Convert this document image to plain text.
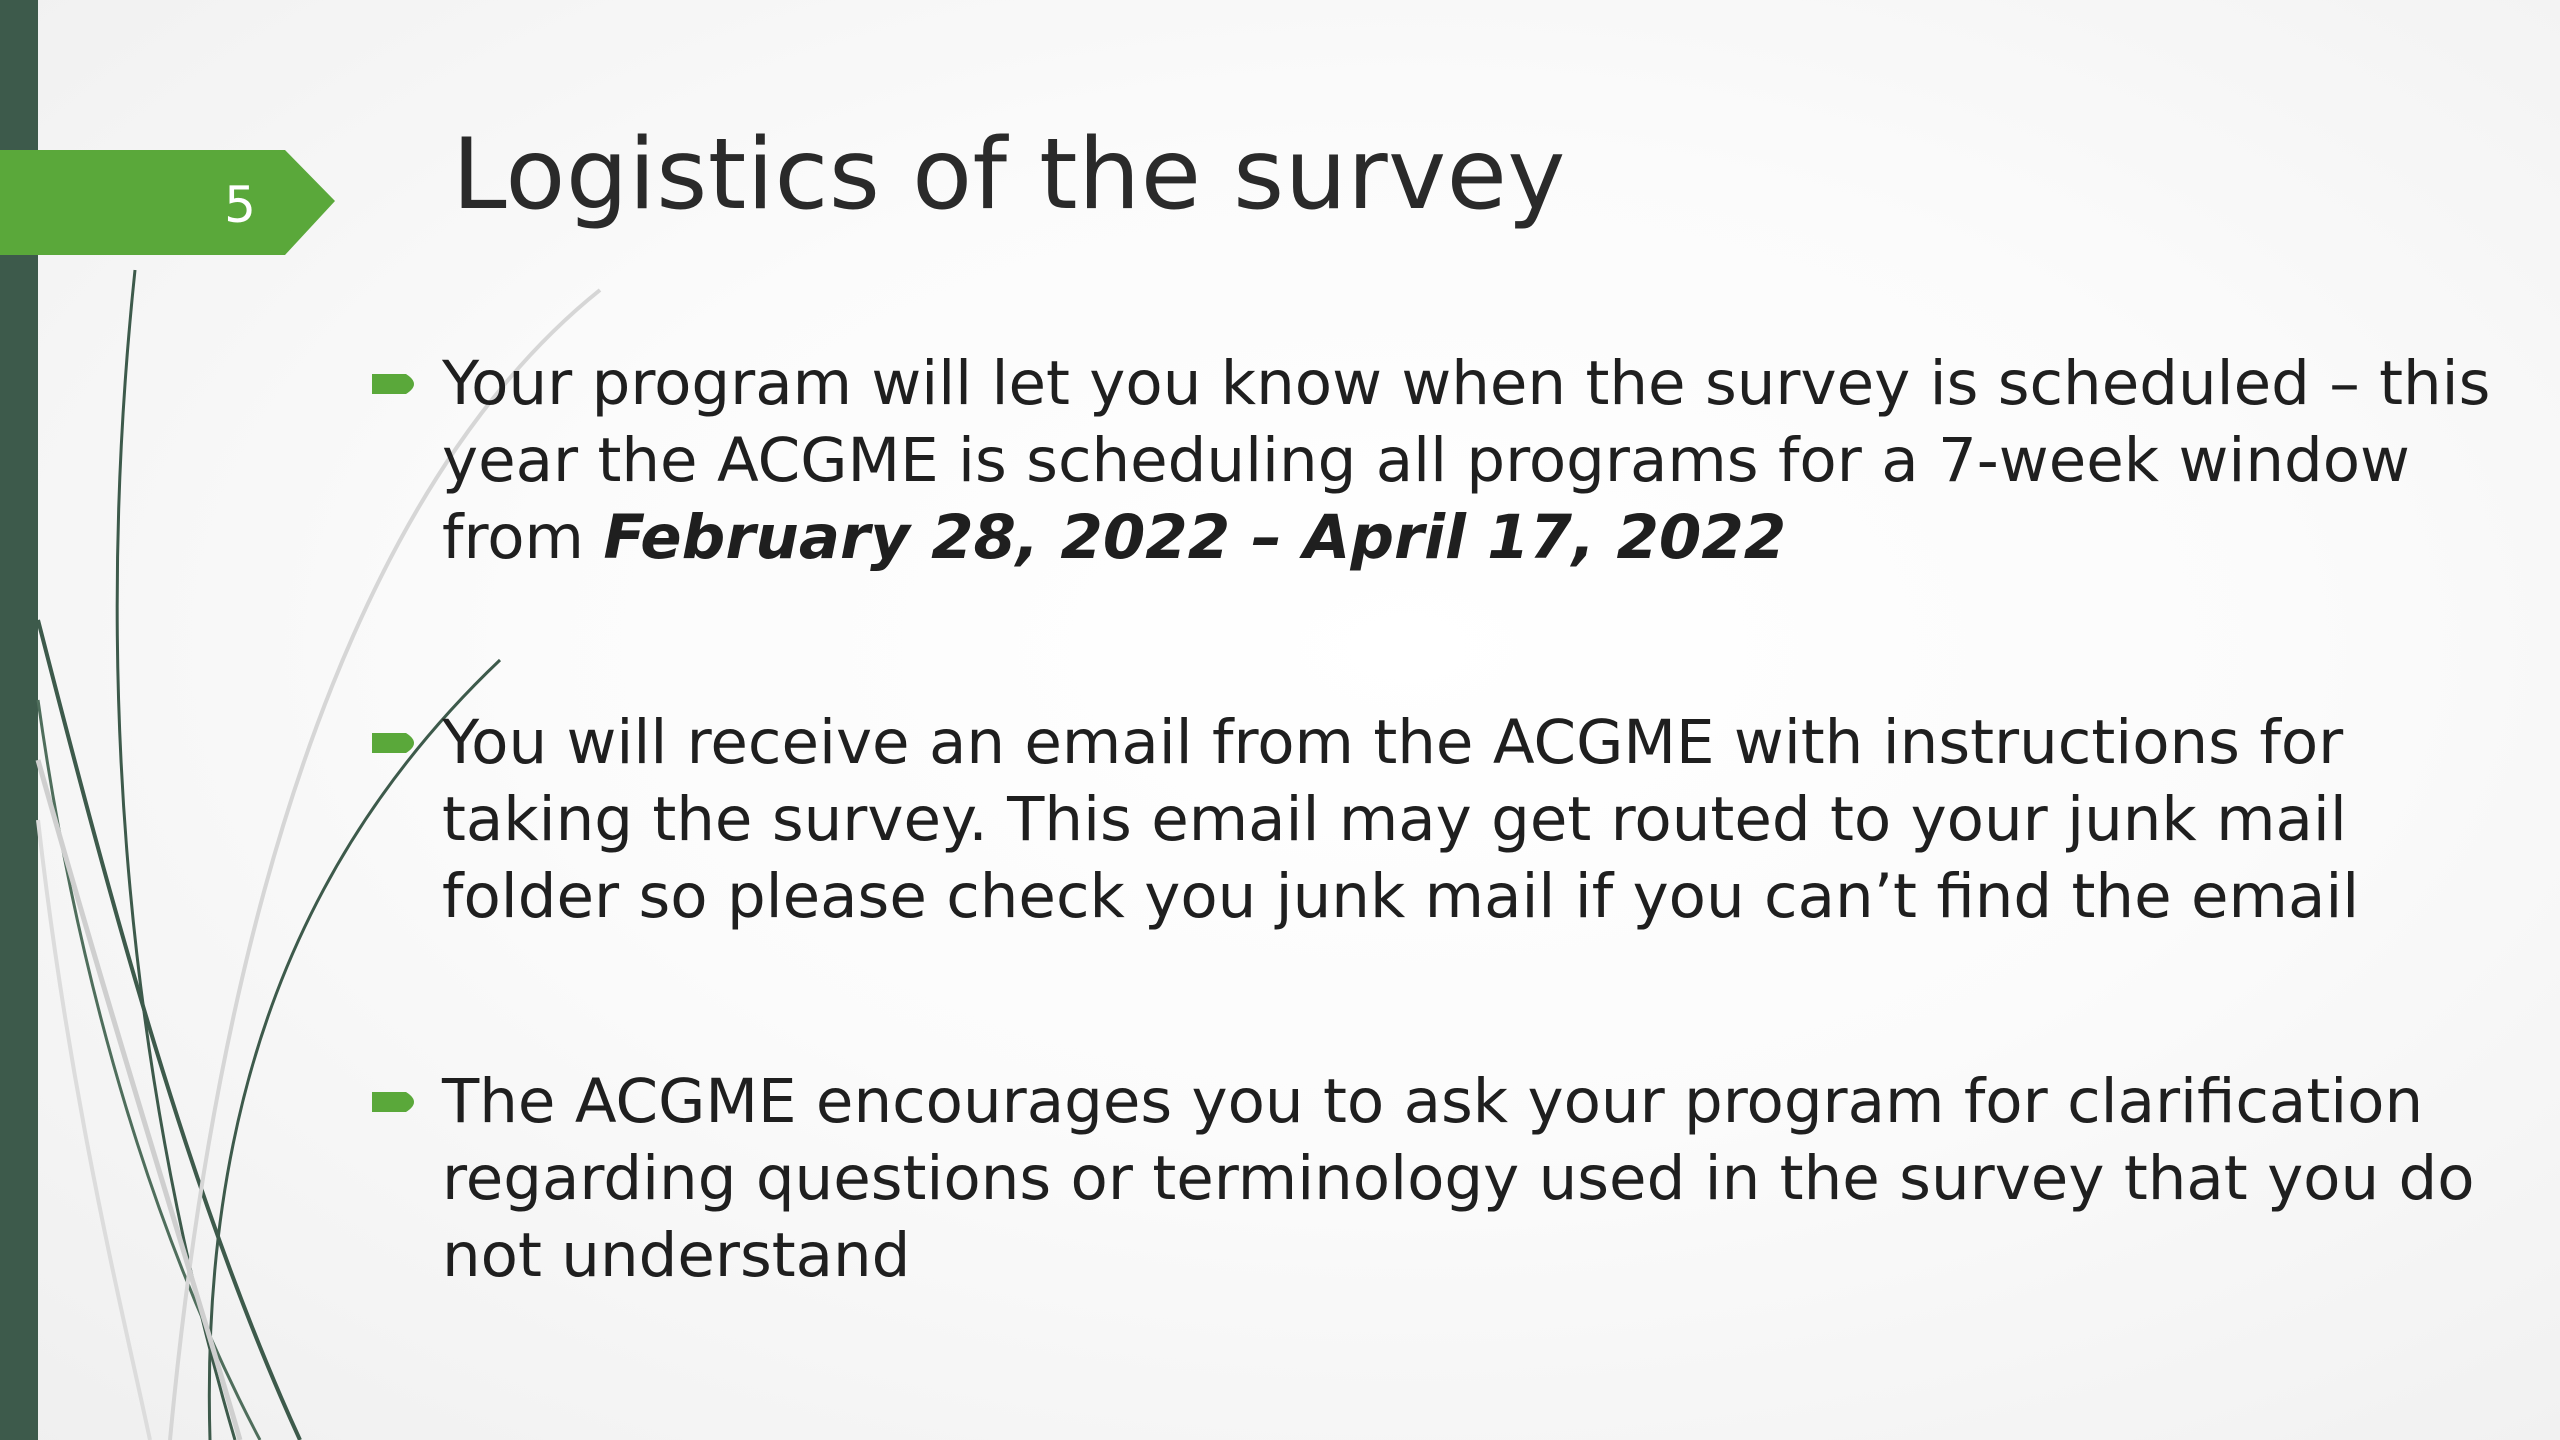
5 Logistics of the survey
Your program will let you know when the survey is scheduled – this year the ACGME is scheduling all programs for a 7-week window from February 28, 2022 – April 17, 2022
You will receive an email from the ACGME with instructions for taking the survey. This email may get routed to your junk mail folder so please check you junk mail if you can’t find the email
The ACGME encourages you to ask your program for clarification regarding questions or terminology used in the survey that you do not understand
